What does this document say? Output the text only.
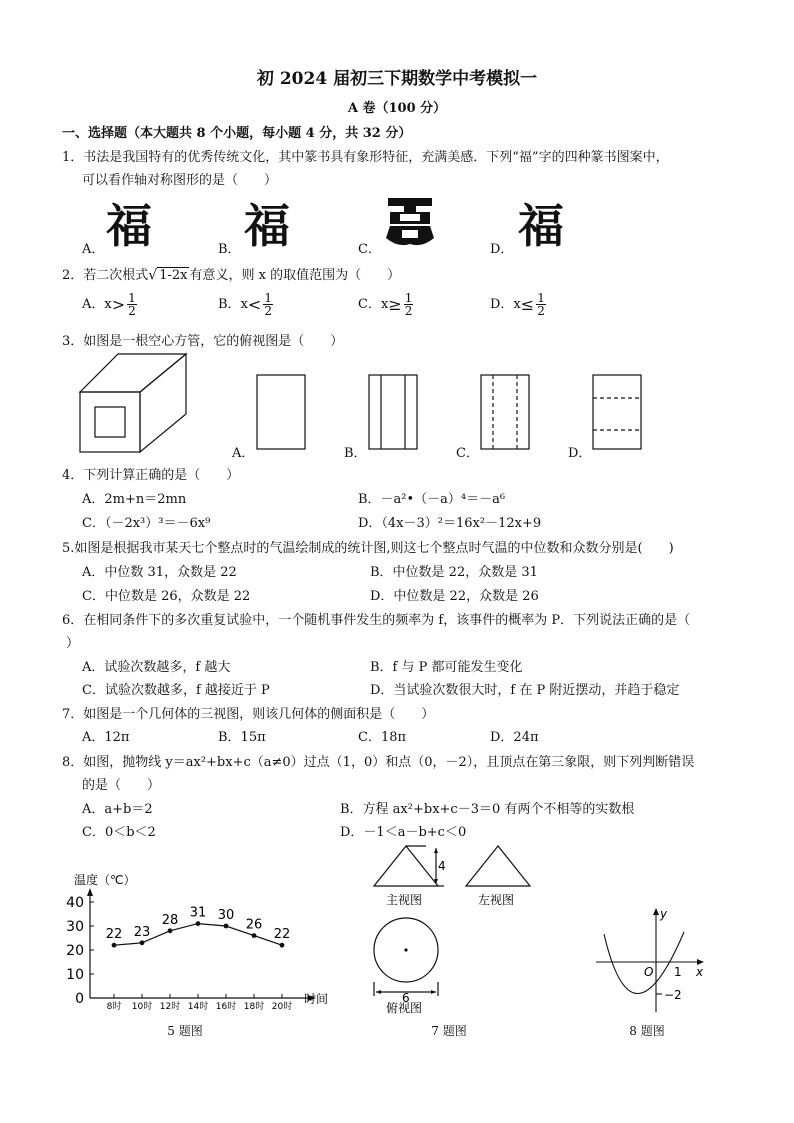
初 2024 届初三下期数学中考模拟一
A 卷（100 分）
一、选择题（本大题共 8 个小题，每小题 4 分，共 32 分）
1．书法是我国特有的优秀传统文化，其中篆书具有象形特征，充满美感．下列“福”字的四种篆书图案中，
可以看作轴对称图形的是（　　）
A． 福	B． 福	C．	D． 福
2．若二次根式√ 1-2x 有意义，则 x 的取值范围为（　　）
A．$x> \frac{1}{2}$	B．$x< \frac{1}{2}$	C．$x\ge \frac{1}{2}$	D．$x\le \frac{1}{2}$
3．如图是一根空心方管，它的俯视图是（　　）
A．	B．	C．	D．
4．下列计算正确的是（　　）
A．2m+n＝2mn	B．－a²•（－a）⁴＝－a⁶
C．（－2x³）³＝－6x⁹	D．（4x－3）²＝16x²－12x+9
5.如图是根据我市某天七个整点时的气温绘制成的统计图,则这七个整点时气温的中位数和众数分别是(　　)
A．中位数 31，众数是 22	B．中位数是 22，众数是 31
C．中位数是 26，众数是 22	D．中位数是 22，众数是 26
6．在相同条件下的多次重复试验中，一个随机事件发生的频率为 f，该事件的概率为 P．下列说法正确的是（
）
A．试验次数越多，f 越大	B．f 与 P 都可能发生变化
C．试验次数越多，f 越接近于 P	D．当试验次数很大时，f 在 P 附近摆动，并趋于稳定
7．如图是一个几何体的三视图，则该几何体的侧面积是（　　）
A．12π	B．15π	C．18π	D．24π
8．如图，抛物线 y＝ax²+bx+c（a≠0）过点（1，0）和点（0，－2），且顶点在第三象限，则下列判断错误
的是（　　）
A．a+b＝2	B．方程 ax²+bx+c－3＝0 有两个不相等的实数根
C．0＜b＜2	D．－1＜a－b+c＜0
温度（℃）
0
10
20
30
40
8时 10时 12时 14时 16时 18时 20时
22 23
28 31 30
26
22
时间
5 题图
4
6
主视图	左视图
俯视图
7 题图
y
x
O 1
−2
8 题图
